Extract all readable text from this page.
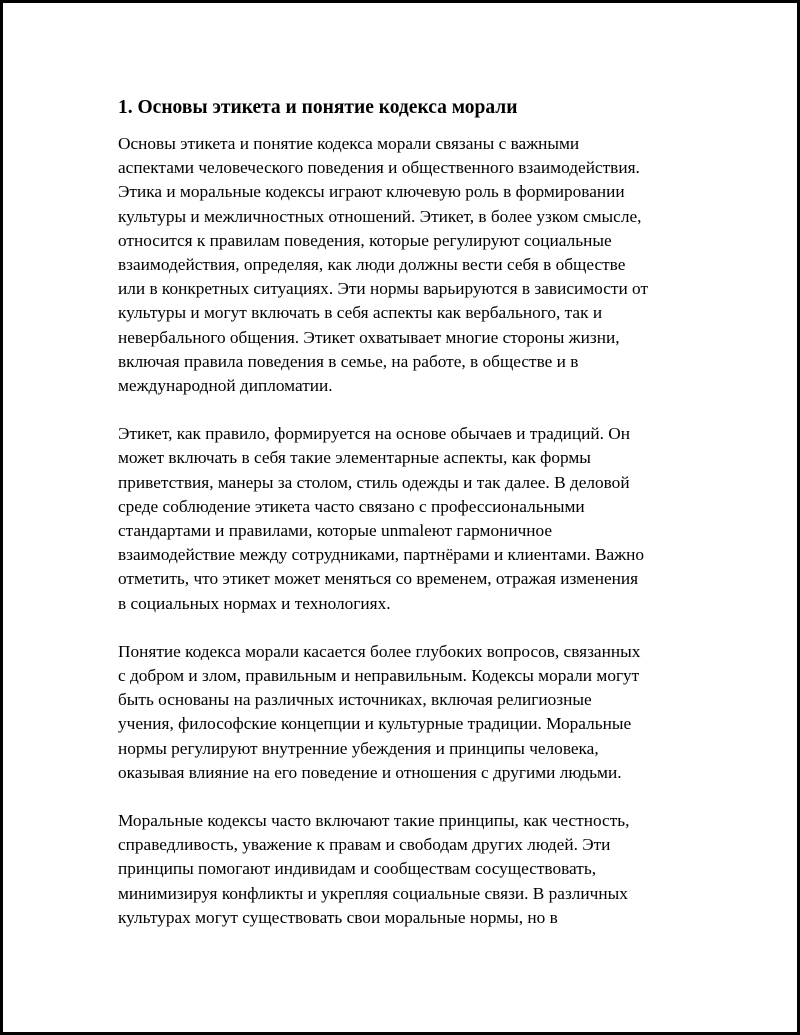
1. Основы этикета и понятие кодекса морали

Основы этикета и понятие кодекса морали связаны с важными
аспектами человеческого поведения и общественного взаимодействия.
Этика и моральные кодексы играют ключевую роль в формировании
культуры и межличностных отношений. Этикет, в более узком смысле,
относится к правилам поведения, которые регулируют социальные
взаимодействия, определяя, как люди должны вести себя в обществе
или в конкретных ситуациях. Эти нормы варьируются в зависимости от
культуры и могут включать в себя аспекты как вербального, так и
невербального общения. Этикет охватывает многие стороны жизни,
включая правила поведения в семье, на работе, в обществе и в
международной дипломатии.

Этикет, как правило, формируется на основе обычаев и традиций. Он
может включать в себя такие элементарные аспекты, как формы
приветствия, манеры за столом, стиль одежды и так далее. В деловой
среде соблюдение этикета часто связано с профессиональными
стандартами и правилами, которые unmaleют гармоничное
взаимодействие между сотрудниками, партнёрами и клиентами. Важно
отметить, что этикет может меняться со временем, отражая изменения
в социальных нормах и технологиях.

Понятие кодекса морали касается более глубоких вопросов, связанных
с добром и злом, правильным и неправильным. Кодексы морали могут
быть основаны на различных источниках, включая религиозные
учения, философские концепции и культурные традиции. Моральные
нормы регулируют внутренние убеждения и принципы человека,
оказывая влияние на его поведение и отношения с другими людьми.

Моральные кодексы часто включают такие принципы, как честность,
справедливость, уважение к правам и свободам других людей. Эти
принципы помогают индивидам и сообществам сосуществовать,
минимизируя конфликты и укрепляя социальные связи. В различных
культурах могут существовать свои моральные нормы, но в
